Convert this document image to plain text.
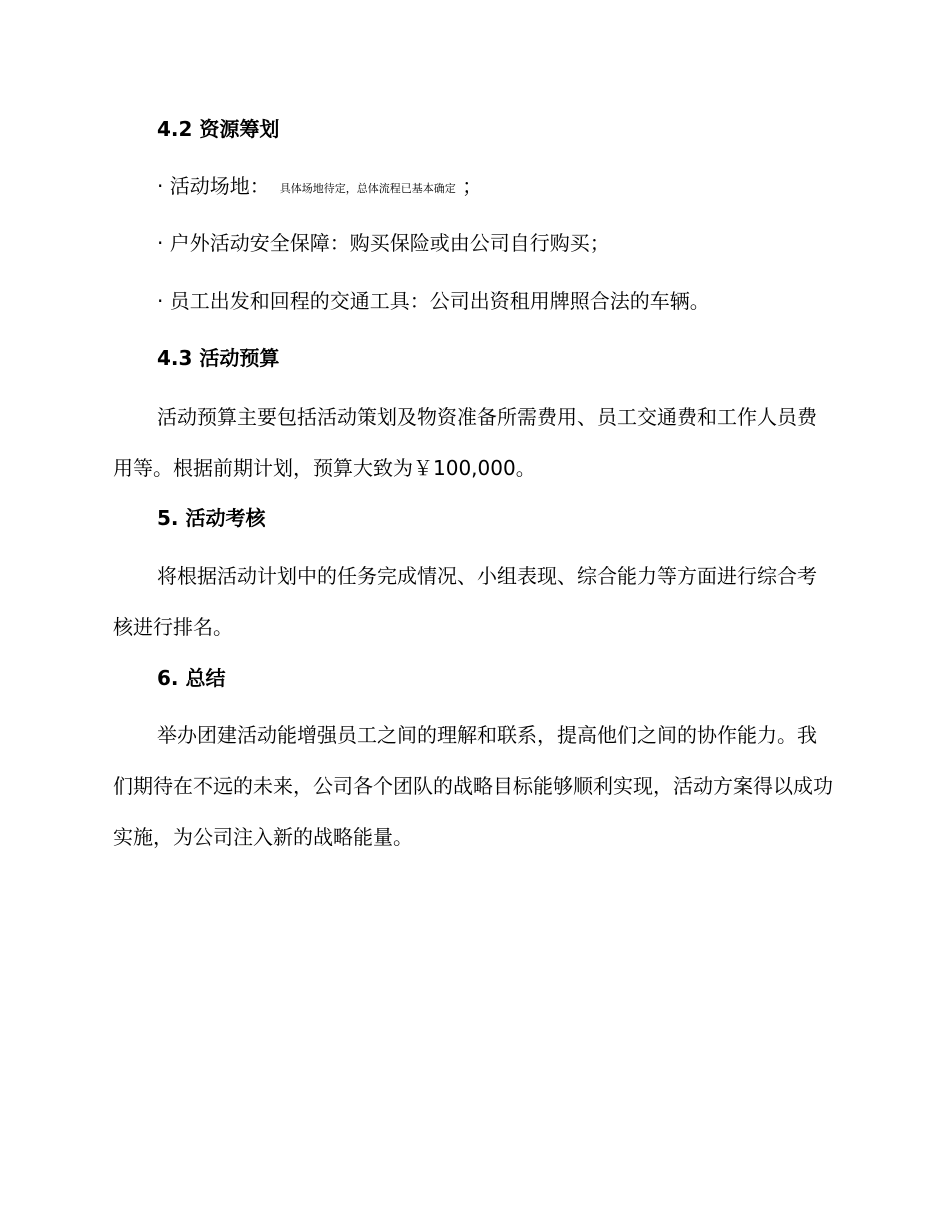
4.2 资源筹划
· 活动场地： 具体场地待定，总体流程已基本确定 ；
· 户外活动安全保障：购买保险或由公司自行购买；
· 员工出发和回程的交通工具：公司出资租用牌照合法的车辆。
4.3 活动预算

活动预算主要包括活动策划及物资准备所需费用、员工交通费和工作人员费用等。根据前期计划，预算大致为￥100,000。

5. 活动考核

将根据活动计划中的任务完成情况、小组表现、综合能力等方面进行综合考核进行排名。

6. 总结

举办团建活动能增强员工之间的理解和联系，提高他们之间的协作能力。我们期待在不远的未来，公司各个团队的战略目标能够顺利实现，活动方案得以成功实施，为公司注入新的战略能量。
